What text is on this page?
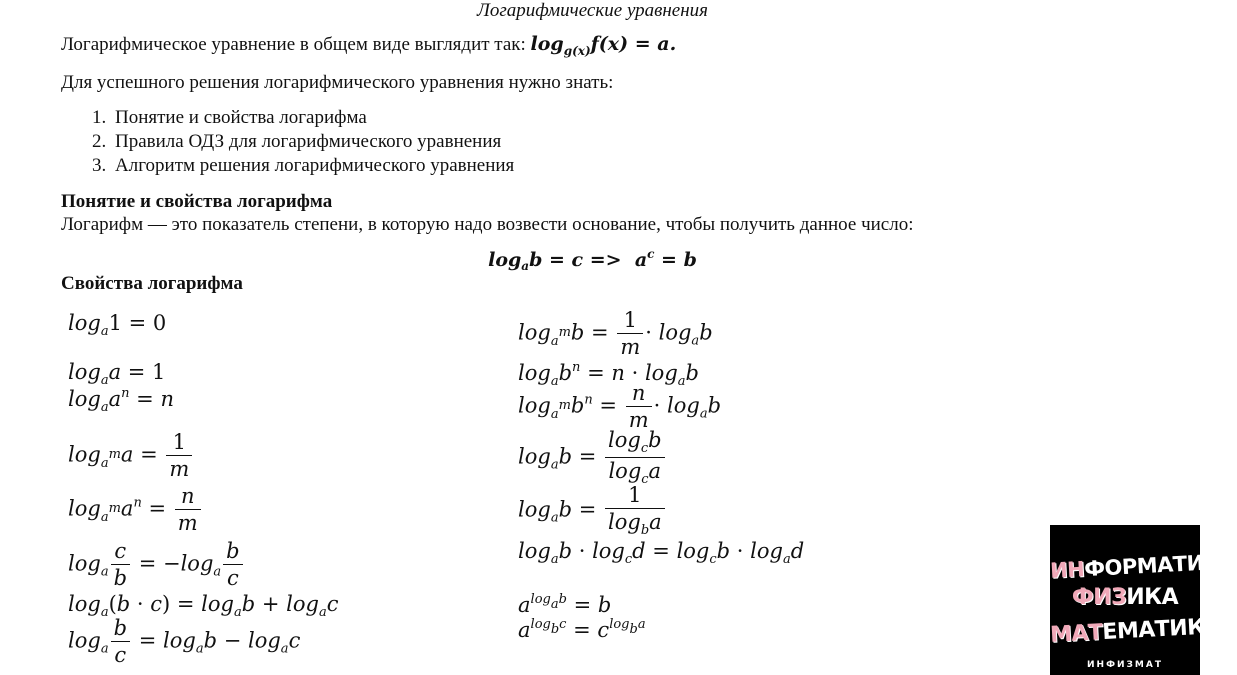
Логарифмические уравнения
Логарифмическое уравнение в общем виде выглядит так: $\log_{g(x)}f(x) = a$.
Для успешного решения логарифмического уравнения нужно знать:
1. Понятие и свойства логарифма
2. Правила ОДЗ для логарифмического уравнения
3. Алгоритм решения логарифмического уравнения
Понятие и свойства логарифма
Логарифм — это показатель степени, в которую надо возвести основание, чтобы получить данное число:
$\log_ab = c => a^c = b$
Свойства логарифма
$\log_a1 = 0$
$\log_aa = 1$
$\log_aa^n = n$
$\log_{a^m}a = \frac{1}{m}$
$\log_{a^m}a^n = \frac{n}{m}$
$\log_a \frac{c}{b} = -\log_a \frac{b}{c}$
$\log_a(b \cdot c) = \log_ab + \log_ac$
$\log_a \frac{b}{c} = \log_ab - \log_ac$
$\log_{a^m}b = \frac{1}{m} \cdot \log_ab$
$\log_ab^n = n \cdot \log_ab$
$\log_{a^m}b^n = \frac{n}{m} \cdot \log_ab$
$\log_ab = \frac{\log_cb}{\log_ca}$
$\log_ab = \frac{1}{\log_ba}$
$\log_ab \cdot \log_cd = \log_cb \cdot \log_ad$
$a^{log_ab} = b$
$a^{log_bc} = c^{log_ba}$
ИНФОРМАТИКА
ФИЗИКА
МАТЕМАТИКА
ИНФИЗМАТ
